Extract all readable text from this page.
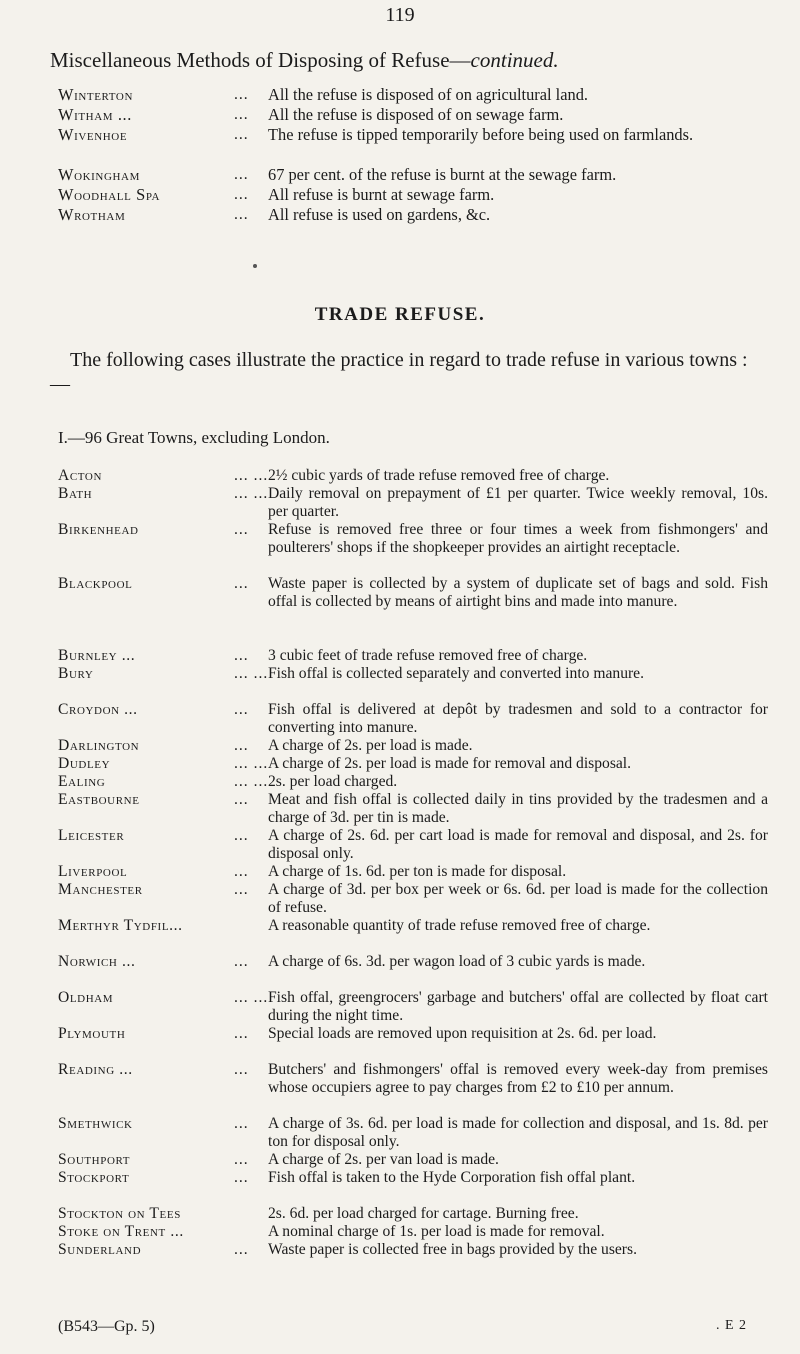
119
Miscellaneous Methods of Disposing of Refuse—continued.
Winterton	... All the refuse is disposed of on agricultural land.
Witham ...	... All the refuse is disposed of on sewage farm.
Wivenhoe	... The refuse is tipped temporarily before being used on farmlands.
Wokingham	... 67 per cent. of the refuse is burnt at the sewage farm.
Woodhall Spa	... All refuse is burnt at sewage farm.
Wrotham	... All refuse is used on gardens, &c.
TRADE REFUSE.
The following cases illustrate the practice in regard to trade refuse in various towns :—
I.—96 Great Towns, excluding London.
Acton	... ... 2½ cubic yards of trade refuse removed free of charge.
Bath	... ... Daily removal on prepayment of £1 per quarter. Twice weekly removal, 10s. per quarter.
Birkenhead	... Refuse is removed free three or four times a week from fishmongers' and poulterers' shops if the shopkeeper provides an airtight receptacle.
Blackpool	... Waste paper is collected by a system of duplicate set of bags and sold. Fish offal is collected by means of airtight bins and made into manure.
Burnley ...	... 3 cubic feet of trade refuse removed free of charge.
Bury	... ... Fish offal is collected separately and converted into manure.
Croydon ...	... Fish offal is delivered at depôt by tradesmen and sold to a contractor for converting into manure.
Darlington	... A charge of 2s. per load is made.
Dudley	... ... A charge of 2s. per load is made for removal and disposal.
Ealing	... ... 2s. per load charged.
Eastbourne	... Meat and fish offal is collected daily in tins provided by the tradesmen and a charge of 3d. per tin is made.
Leicester	... A charge of 2s. 6d. per cart load is made for removal and disposal, and 2s. for disposal only.
Liverpool	... A charge of 1s. 6d. per ton is made for disposal.
Manchester	... A charge of 3d. per box per week or 6s. 6d. per load is made for the collection of refuse.
Merthyr Tydfil...	A reasonable quantity of trade refuse removed free of charge.
Norwich ...	... A charge of 6s. 3d. per wagon load of 3 cubic yards is made.
Oldham	... ... Fish offal, greengrocers' garbage and butchers' offal are collected by float cart during the night time.
Plymouth	... Special loads are removed upon requisition at 2s. 6d. per load.
Reading ...	... Butchers' and fishmongers' offal is removed every week-day from premises whose occupiers agree to pay charges from £2 to £10 per annum.
Smethwick	... A charge of 3s. 6d. per load is made for collection and disposal, and 1s. 8d. per ton for disposal only.
Southport	... A charge of 2s. per van load is made.
Stockport	... Fish offal is taken to the Hyde Corporation fish offal plant.
Stockton on Tees	2s. 6d. per load charged for cartage. Burning free.
Stoke on Trent ...	A nominal charge of 1s. per load is made for removal.
Sunderland	... Waste paper is collected free in bags provided by the users.
(B543—Gp. 5)	. E 2
